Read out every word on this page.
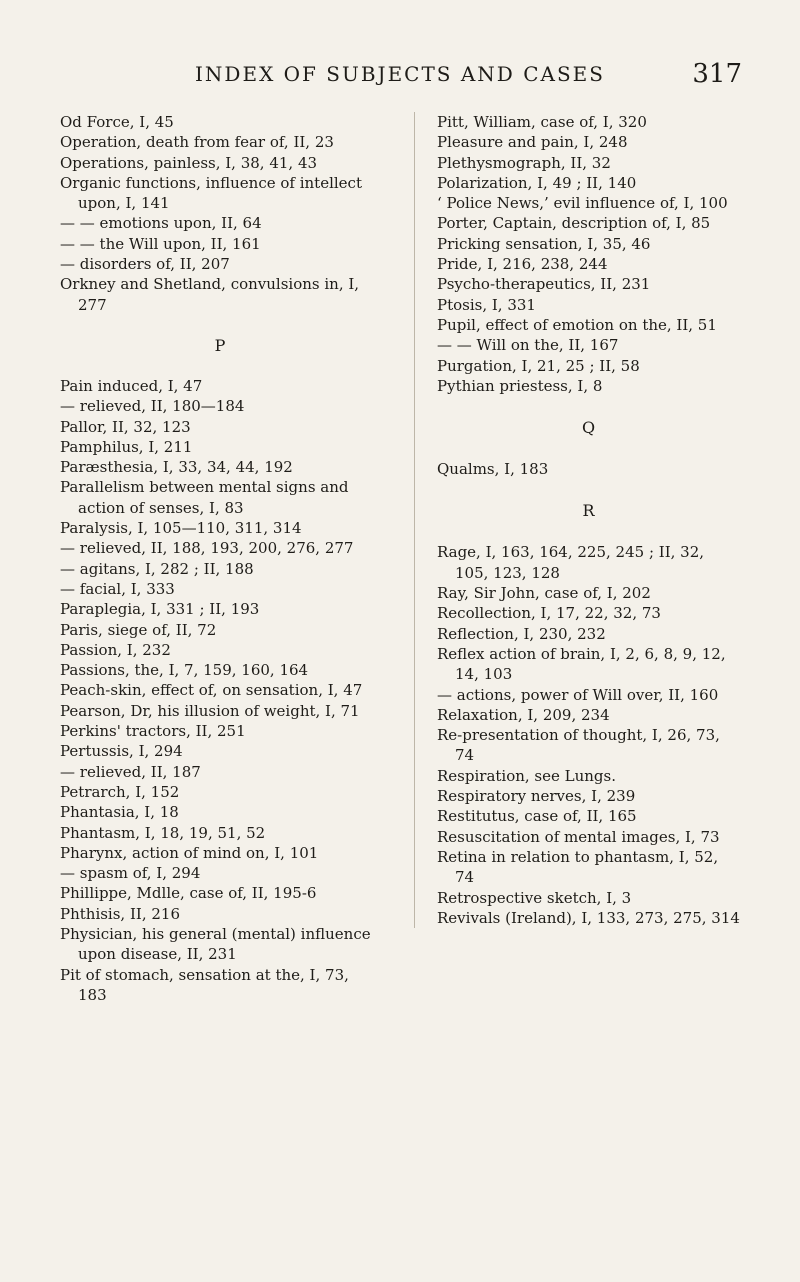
INDEX OF SUBJECTS AND CASES	317
Od Force, I, 45
Operation, death from fear of, II, 23
Operations, painless, I, 38, 41, 43
Organic functions, influence of intellect upon, I, 141
— — emotions upon, II, 64
— — the Will upon, II, 161
— disorders of, II, 207
Orkney and Shetland, convulsions in, I, 277
P
Pain induced, I, 47
— relieved, II, 180—184
Pallor, II, 32, 123
Pamphilus, I, 211
Paræsthesia, I, 33, 34, 44, 192
Parallelism between mental signs and action of senses, I, 83
Paralysis, I, 105—110, 311, 314
— relieved, II, 188, 193, 200, 276, 277
— agitans, I, 282 ; II, 188
— facial, I, 333
Paraplegia, I, 331 ; II, 193
Paris, siege of, II, 72
Passion, I, 232
Passions, the, I, 7, 159, 160, 164
Peach-skin, effect of, on sensation, I, 47
Pearson, Dr, his illusion of weight, I, 71
Perkins' tractors, II, 251
Pertussis, I, 294
— relieved, II, 187
Petrarch, I, 152
Phantasia, I, 18
Phantasm, I, 18, 19, 51, 52
Pharynx, action of mind on, I, 101
— spasm of, I, 294
Phillippe, Mdlle, case of, II, 195-6
Phthisis, II, 216
Physician, his general (mental) influence upon disease, II, 231
Pit of stomach, sensation at the, I, 73, 183
Pitt, William, case of, I, 320
Pleasure and pain, I, 248
Plethysmograph, II, 32
Polarization, I, 49 ; II, 140
‘ Police News,’ evil influence of, I, 100
Porter, Captain, description of, I, 85
Pricking sensation, I, 35, 46
Pride, I, 216, 238, 244
Psycho-therapeutics, II, 231
Ptosis, I, 331
Pupil, effect of emotion on the, II, 51
— — Will on the, II, 167
Purgation, I, 21, 25 ; II, 58
Pythian priestess, I, 8
Q
Qualms, I, 183
R
Rage, I, 163, 164, 225, 245 ; II, 32, 105, 123, 128
Ray, Sir John, case of, I, 202
Recollection, I, 17, 22, 32, 73
Reflection, I, 230, 232
Reflex action of brain, I, 2, 6, 8, 9, 12, 14, 103
— actions, power of Will over, II, 160
Relaxation, I, 209, 234
Re-presentation of thought, I, 26, 73, 74
Respiration, see Lungs.
Respiratory nerves, I, 239
Restitutus, case of, II, 165
Resuscitation of mental images, I, 73
Retina in relation to phantasm, I, 52, 74
Retrospective sketch, I, 3
Revivals (Ireland), I, 133, 273, 275, 314
